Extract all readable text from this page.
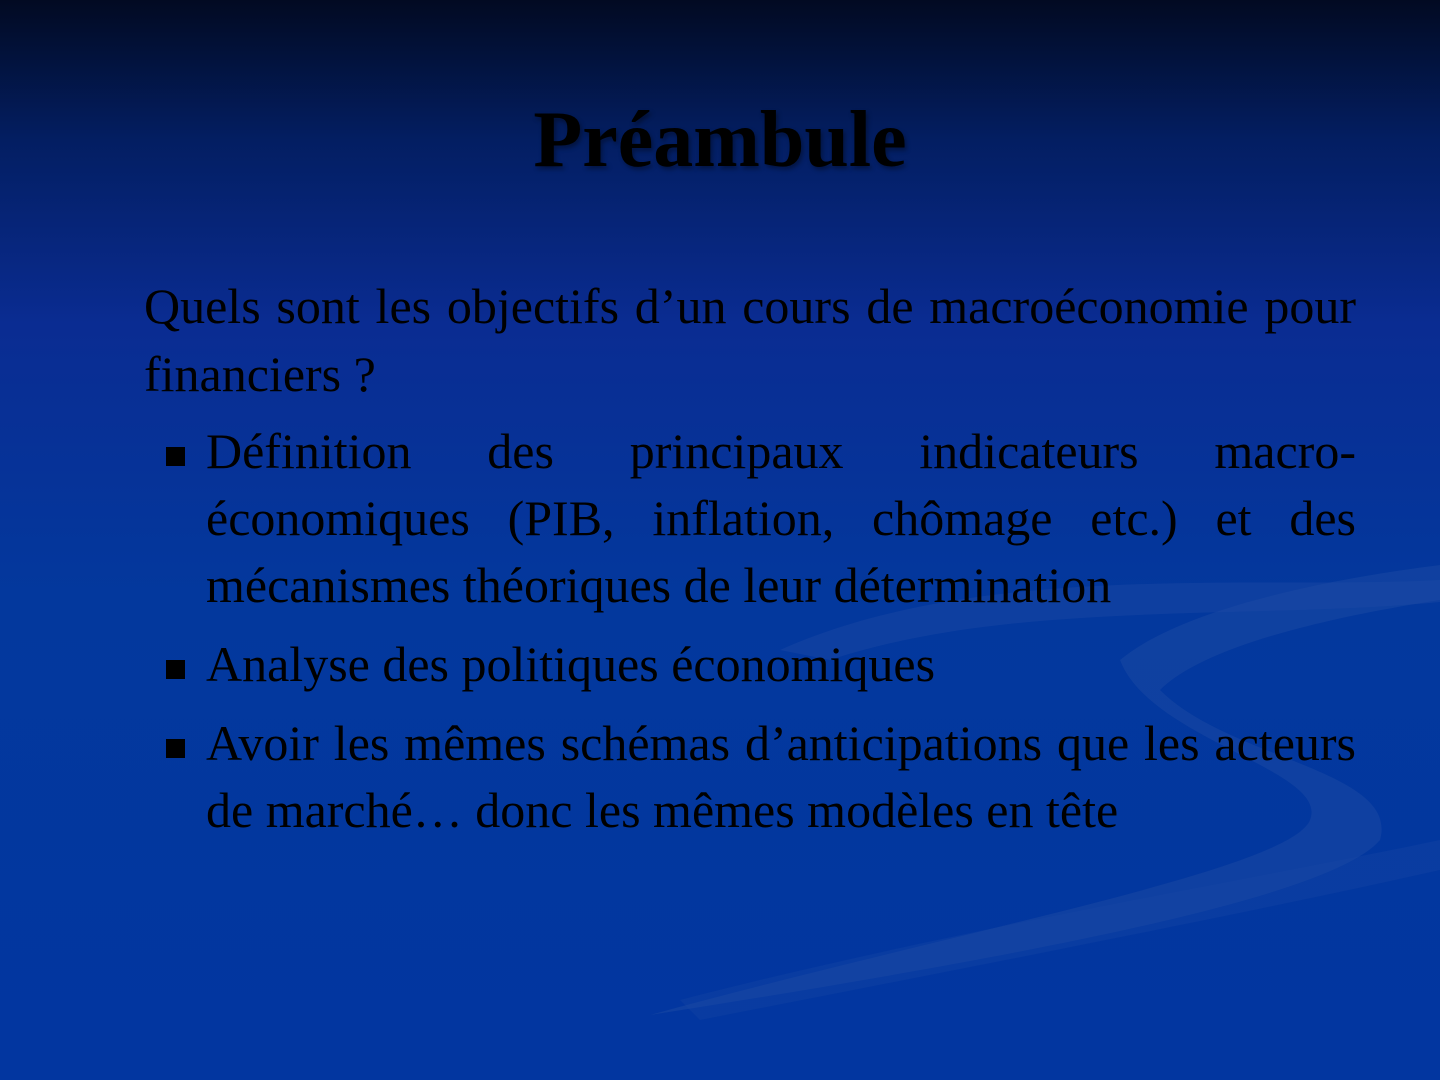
Préambule

Quels sont les objectifs d’un cours de macroéconomie pour financiers ?

Définition des principaux indicateurs macro-économiques (PIB, inflation, chômage etc.) et des mécanismes théoriques de leur détermination
Analyse des politiques économiques
Avoir les mêmes schémas d’anticipations que les acteurs de marché… donc les mêmes modèles en tête
